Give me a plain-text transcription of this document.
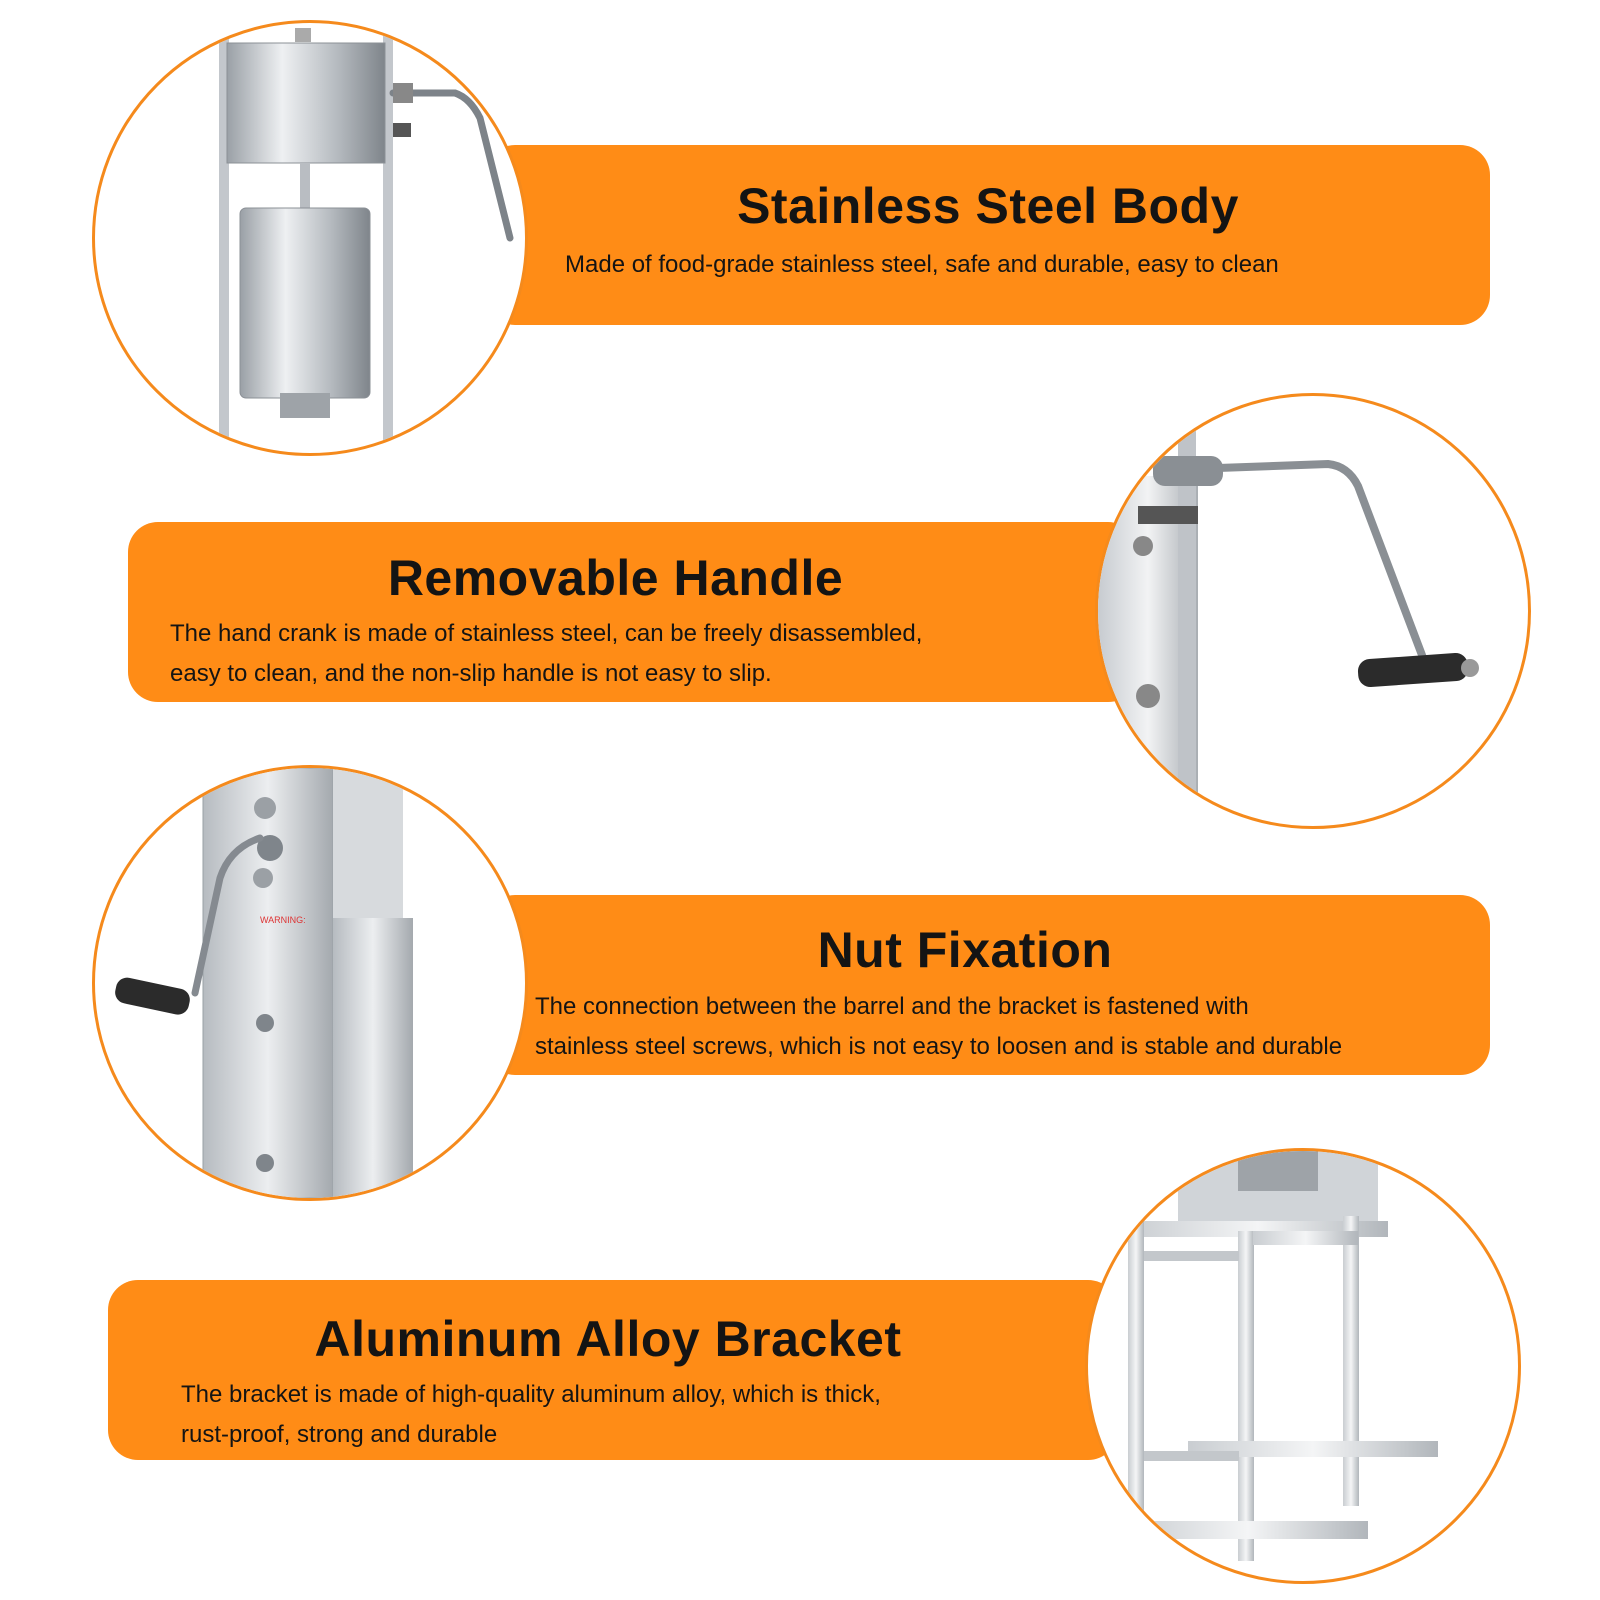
Stainless Steel Body

Made of food-grade stainless steel, safe and durable, easy to clean

Removable Handle

The hand crank is made of stainless steel, can be freely disassembled,

easy to clean, and the non-slip handle is not easy to slip.

Nut Fixation

The connection between the barrel and the bracket is fastened with

stainless steel screws, which is not easy to loosen and is stable and durable

Aluminum Alloy Bracket

The bracket is made of high-quality aluminum alloy, which is thick,

rust-proof, strong and durable

WARNING:
